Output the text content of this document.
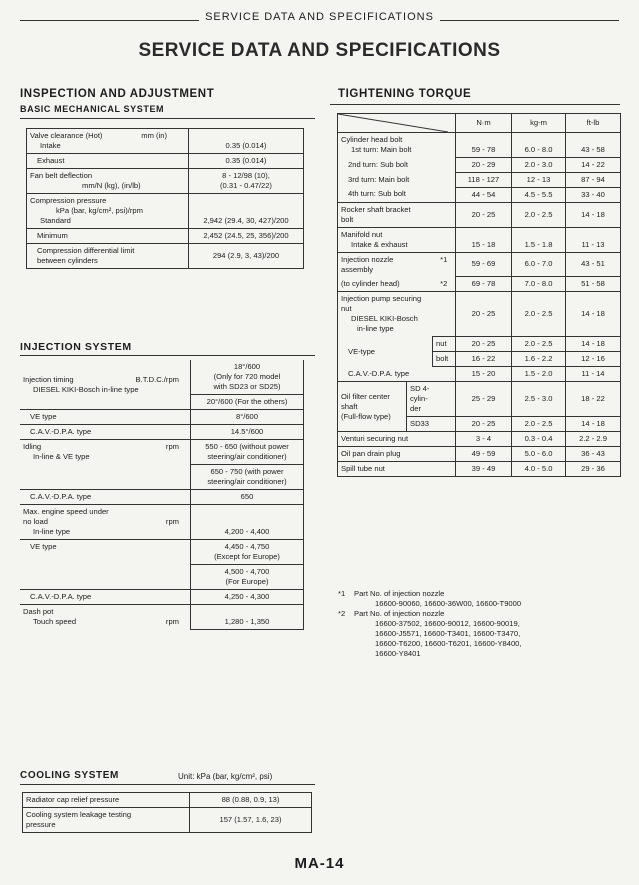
SERVICE DATA AND SPECIFICATIONS
SERVICE DATA AND SPECIFICATIONS
INSPECTION AND ADJUSTMENT
BASIC MECHANICAL SYSTEM
Valve clearance (Hot) mm (in)

Intake	0.35 (0.014)
Exhaust	0.35 (0.014)
Fan belt deflection
mm/N (kg), (in/lb)	8 - 12/98 (10),
(0.31 - 0.47/22)
Compression pressure
kPa (bar, kg/cm², psi)/rpm
Standard	2,942 (29.4, 30, 427)/200
Minimum	2,452 (24.5, 25, 356)/200
Compression differential limit
between cylinders	294 (2.9, 3, 43)/200
INJECTION SYSTEM
Injection timing B.T.D.C./rpm

DIESEL KIKI-Bosch in-line type	18°/600
(Only for 720 model
with SD23 or SD25)
	20°/600 (For the others)
VE type	8°/600
C.A.V.-D.P.A. type	14.5°/600
Idling rpm

In-line & VE type	550 - 650 (without power
steering/air conditioner)
	650 - 750 (with power
steering/air conditioner)
C.A.V.-D.P.A. type	650
Max. engine speed under
no load rpm

In-line type	4,200 - 4,400
VE type	4,450 - 4,750
(Except for Europe)
	4,500 - 4,700
(For Europe)
C.A.V.-D.P.A. type	4,250 - 4,300
Dash pot
Touch speed rpm	1,280 - 1,350
COOLING SYSTEM	Unit: kPa (bar, kg/cm², psi)
Radiator cap relief pressure	88 (0.88, 0.9, 13)
Cooling system leakage testing
pressure	157 (1.57, 1.6, 23)
TIGHTENING TORQUE
	N·m	kg-m	ft-lb
Cylinder head bolt
1st turn: Main bolt			59 - 78	6.0 - 8.0	43 - 58
2nd turn: Sub bolt			20 - 29	2.0 - 3.0	14 - 22
3rd turn: Main bolt			118 - 127	12 - 13	87 - 94
4th turn: Sub bolt			44 - 54	4.5 - 5.5	33 - 40
Rocker shaft bracket
bolt			20 - 25	2.0 - 2.5	14 - 18
Manifold nut
Intake & exhaust			15 - 18	1.5 - 1.8	11 - 13
Injection nozzle
assembly		*1	59 - 69	6.0 - 7.0	43 - 51
(to cylinder head)		*2	69 - 78	7.0 - 8.0	51 - 58
Injection pump securing
nut
DIESEL KIKI-Bosch
in-line type			20 - 25	2.0 - 2.5	14 - 18
VE-type		nut	20 - 25	2.0 - 2.5	14 - 18
		bolt	16 - 22	1.6 - 2.2	12 - 16
C.A.V.-D.P.A. type			15 - 20	1.5 - 2.0	11 - 14
Oil filter center
shaft
(Full-flow type)	SD 4-
cylin-
der		25 - 29	2.5 - 3.0	18 - 22
	SD33		20 - 25	2.0 - 2.5	14 - 18
Venturi securing nut			3 - 4	0.3 - 0.4	2.2 - 2.9
Oil pan drain plug			49 - 59	5.0 - 6.0	36 - 43
Spill tube nut			39 - 49	4.0 - 5.0	29 - 36
*1 Part No. of injection nozzle
16600-90060, 16600-36W00, 16600-T9000
*2 Part No. of injection nozzle
16600-37502, 16600-90012, 16600-90019,
16600-J5571, 16600-T3401, 16600-T3470,
16600-T6200, 16600-T6201, 16600-Y8400,
16600-Y8401
MA-14
